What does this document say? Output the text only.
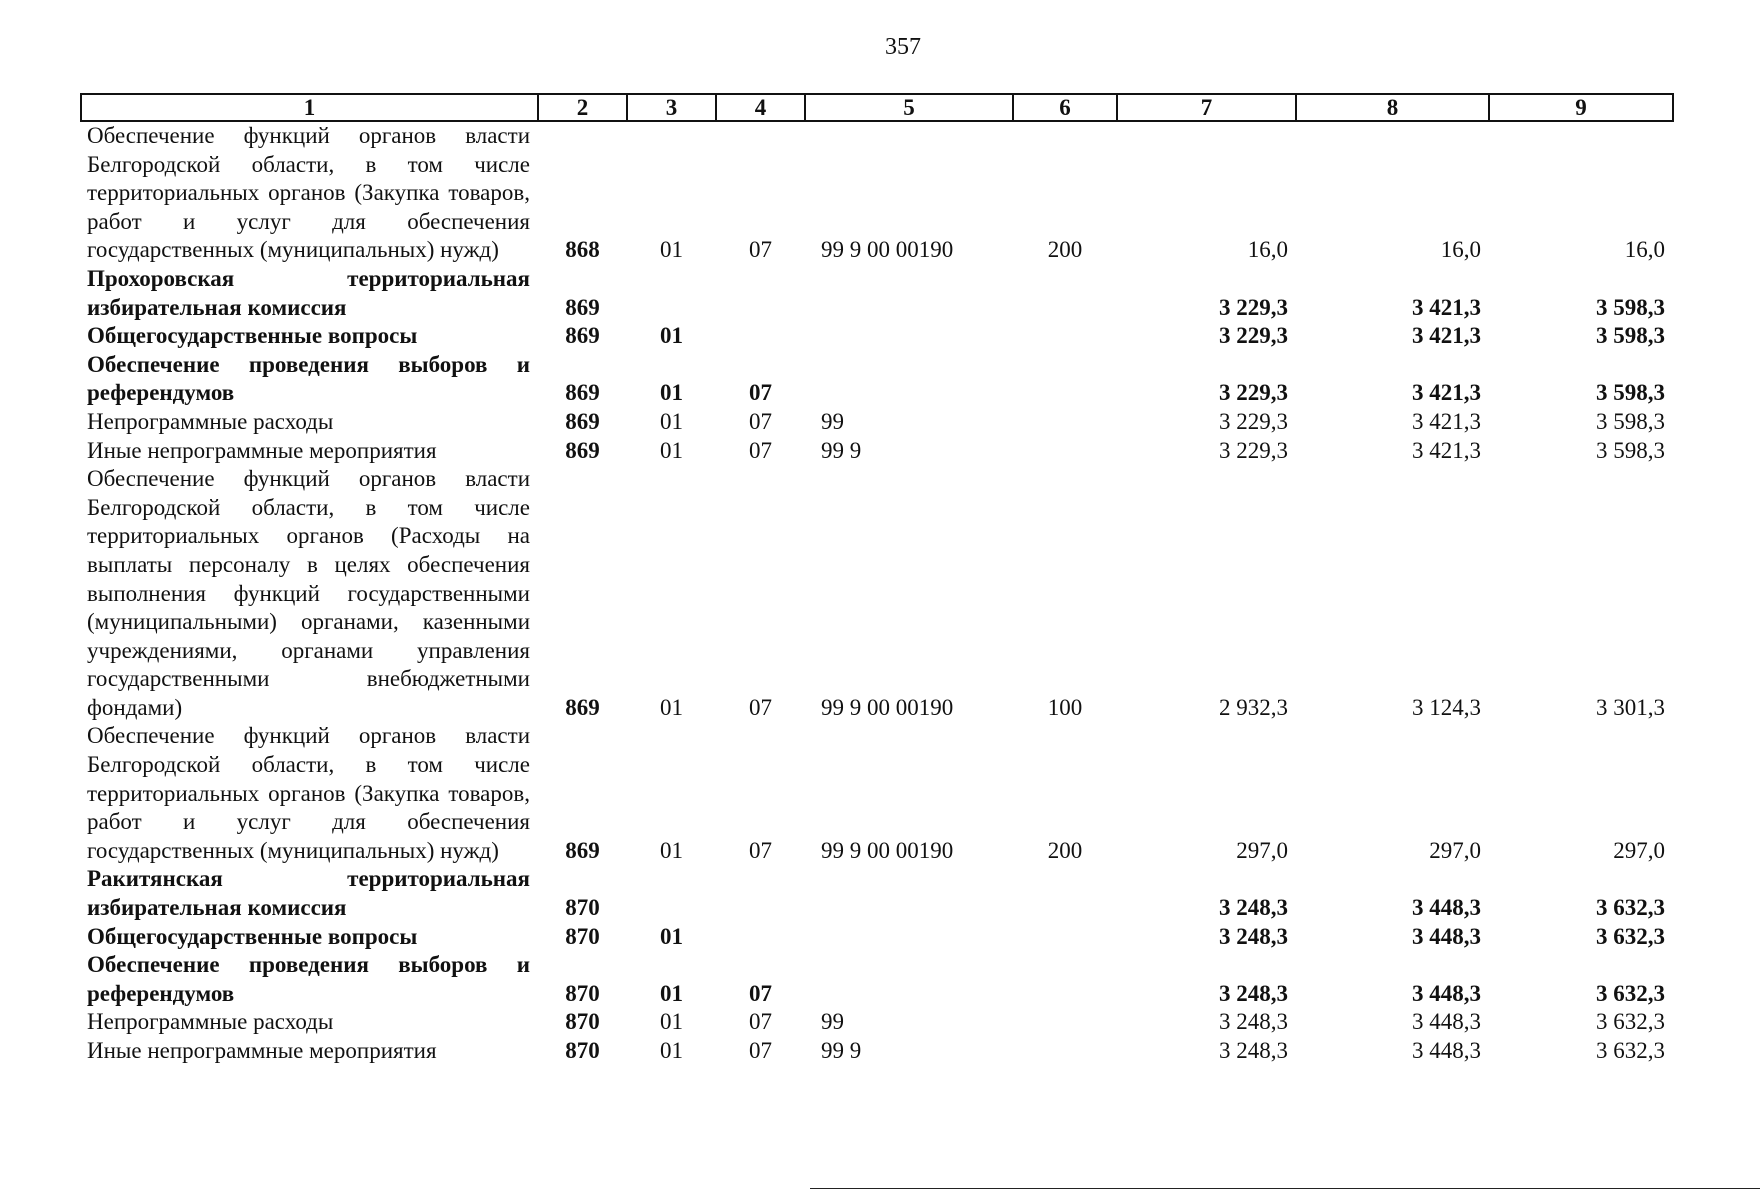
357
1	2	3	4	5	6	7	8	9
Обеспечение функций органов власти Белгородской области, в том числе территориальных органов (Закупка товаров, работ и услуг для обеспечения государственных (муниципальных) нужд)	868	01	07	99 9 00 00190	200	16,0	16,0	16,0
Прохоровская территориальная избирательная комиссия	869					3 229,3	3 421,3	3 598,3
Общегосударственные вопросы	869	01				3 229,3	3 421,3	3 598,3
Обеспечение проведения выборов и референдумов	869	01	07			3 229,3	3 421,3	3 598,3
Непрограммные расходы	869	01	07	99		3 229,3	3 421,3	3 598,3
Иные непрограммные мероприятия	869	01	07	99 9		3 229,3	3 421,3	3 598,3
Обеспечение функций органов власти Белгородской области, в том числе территориальных органов (Расходы на выплаты персоналу в целях обеспечения выполнения функций государственными (муниципальными) органами, казенными учреждениями, органами управления государственными внебюджетными фондами)	869	01	07	99 9 00 00190	100	2 932,3	3 124,3	3 301,3
Обеспечение функций органов власти Белгородской области, в том числе территориальных органов (Закупка товаров, работ и услуг для обеспечения государственных (муниципальных) нужд)	869	01	07	99 9 00 00190	200	297,0	297,0	297,0
Ракитянская территориальная избирательная комиссия	870					3 248,3	3 448,3	3 632,3
Общегосударственные вопросы	870	01				3 248,3	3 448,3	3 632,3
Обеспечение проведения выборов и референдумов	870	01	07			3 248,3	3 448,3	3 632,3
Непрограммные расходы	870	01	07	99		3 248,3	3 448,3	3 632,3
Иные непрограммные мероприятия	870	01	07	99 9		3 248,3	3 448,3	3 632,3
